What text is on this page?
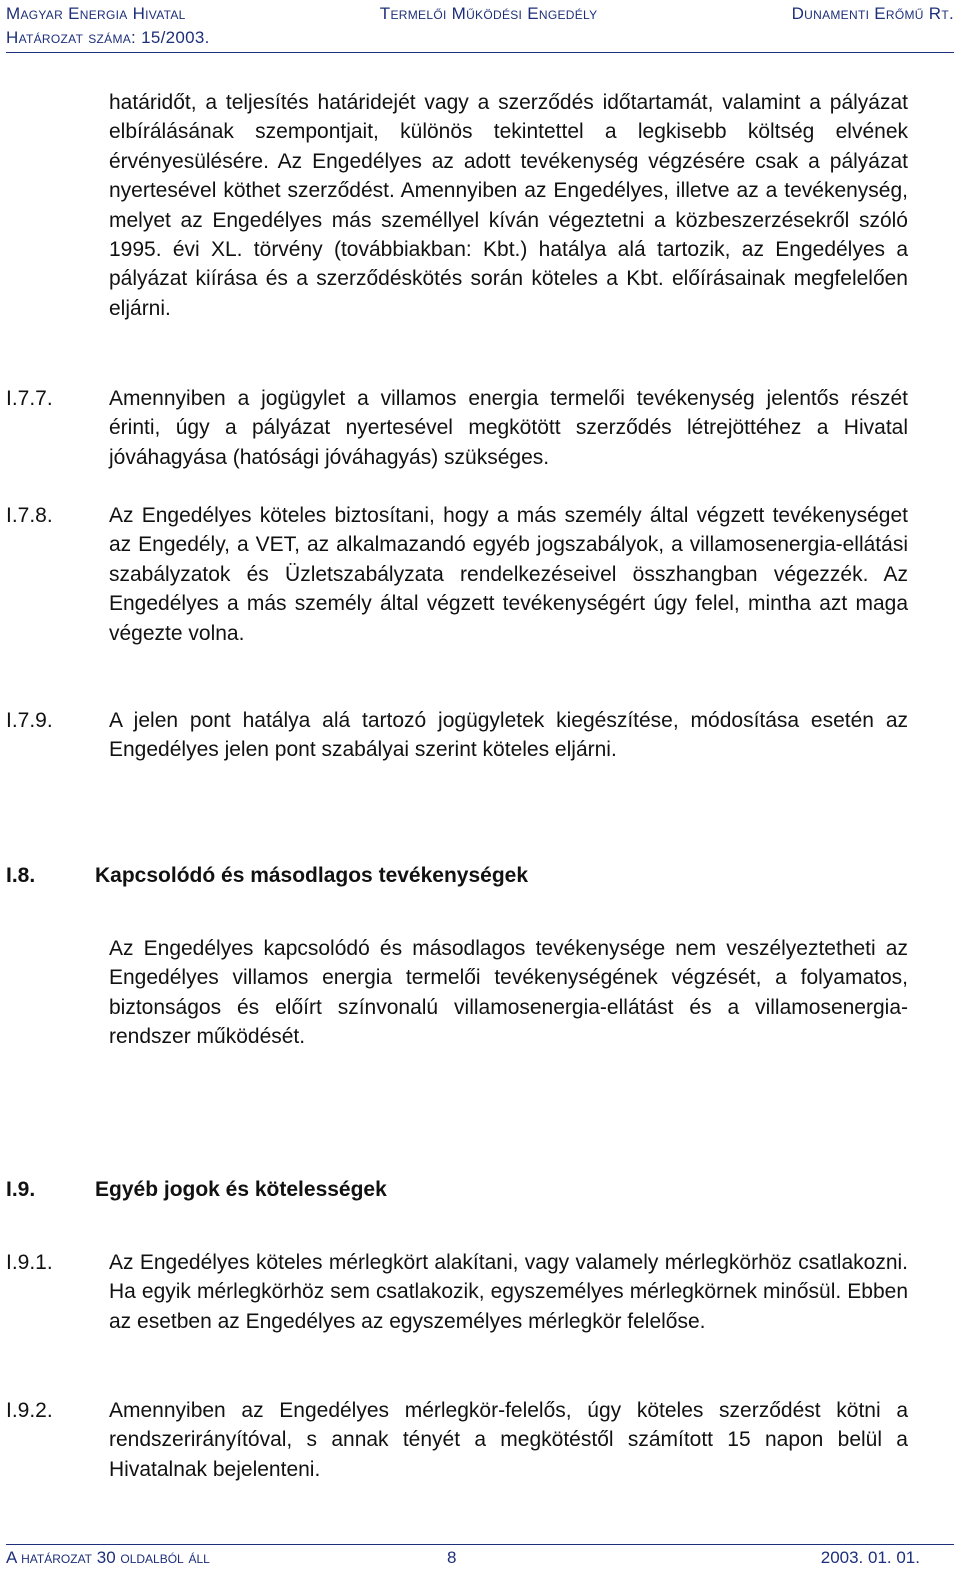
Magyar Energia Hivatal	Termelői Működési Engedély	Dunamenti Erőmű Rt.
Határozat száma: 15/2003.
határidőt, a teljesítés határidejét vagy a szerződés időtartamát, valamint a pályázat elbírálásának szempontjait, különös tekintettel a legkisebb költség elvének érvényesülésére. Az Engedélyes az adott tevékenység végzésére csak a pályázat nyertesével köthet szerződést. Amennyiben az Engedélyes, illetve az a tevékenység, melyet az Engedélyes más személlyel kíván végeztetni a közbeszerzésekről szóló 1995. évi XL. törvény (továbbiakban: Kbt.) hatálya alá tartozik, az Engedélyes a pályázat kiírása és a szerződéskötés során köteles a Kbt. előírásainak megfelelően eljárni.
I.7.7.	Amennyiben a jogügylet a villamos energia termelői tevékenység jelentős részét érinti, úgy a pályázat nyertesével megkötött szerződés létrejöttéhez a Hivatal jóváhagyása (hatósági jóváhagyás) szükséges.
I.7.8.	Az Engedélyes köteles biztosítani, hogy a más személy által végzett tevékenységet az Engedély, a VET, az alkalmazandó egyéb jogszabályok, a villamosenergia-ellátási szabályzatok és Üzletszabályzata rendelkezéseivel összhangban végezzék. Az Engedélyes a más személy által végzett tevékenységért úgy felel, mintha azt maga végezte volna.
I.7.9.	A jelen pont hatálya alá tartozó jogügyletek kiegészítése, módosítása esetén az Engedélyes jelen pont szabályai szerint köteles eljárni.
I.8.	Kapcsolódó és másodlagos tevékenységek
Az Engedélyes kapcsolódó és másodlagos tevékenysége nem veszélyeztetheti az Engedélyes villamos energia termelői tevékenységének végzését, a folyamatos, biztonságos és előírt színvonalú villamosenergia-ellátást és a villamosenergia-rendszer működését.
I.9.	Egyéb jogok és kötelességek
I.9.1.	Az Engedélyes köteles mérlegkört alakítani, vagy valamely mérlegkörhöz csatlakozni. Ha egyik mérlegkörhöz sem csatlakozik, egyszemélyes mérlegkörnek minősül. Ebben az esetben az Engedélyes az egyszemélyes mérlegkör felelőse.
I.9.2.	Amennyiben az Engedélyes mérlegkör-felelős, úgy köteles szerződést kötni a rendszerirányítóval, s annak tényét a megkötéstől számított 15 napon belül a Hivatalnak bejelenteni.
A határozat 30 oldalból áll	8	2003. 01. 01.
